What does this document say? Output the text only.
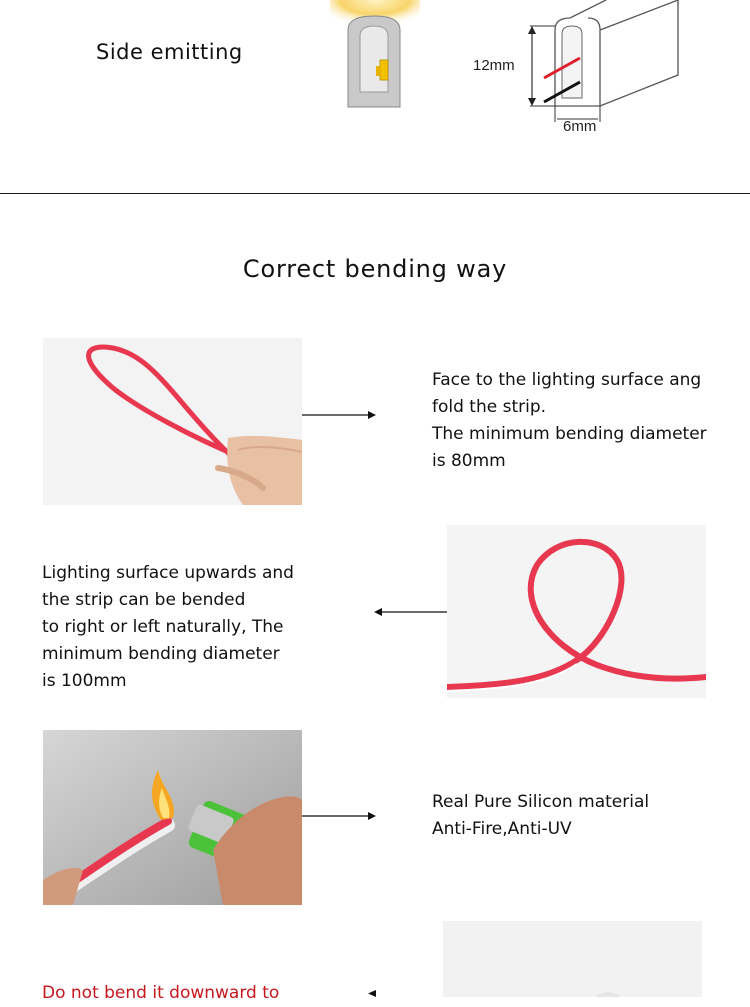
Side emitting
12mm
6mm
Correct bending way
Face to the lighting surface ang
fold the strip.
The minimum bending diameter
is 80mm
Lighting surface upwards and
the strip can be bended
to right or left naturally, The
minimum bending diameter
is 100mm
Real Pure Silicon material
Anti-Fire,Anti-UV
Do not bend it downward to
